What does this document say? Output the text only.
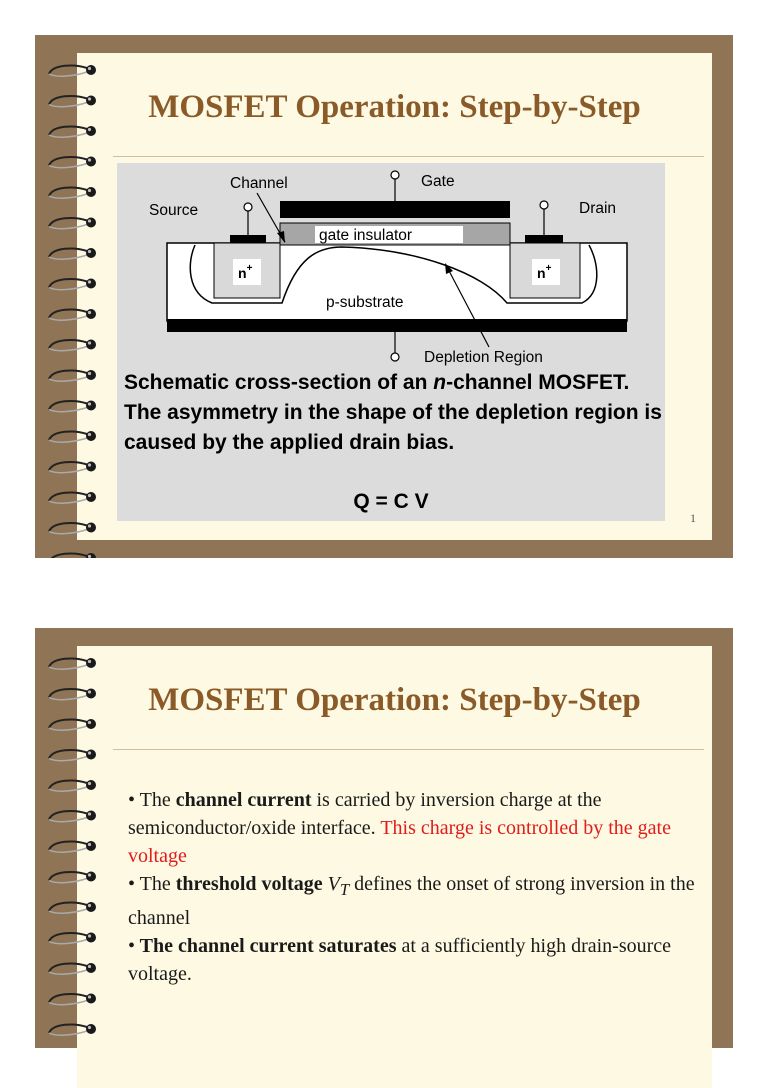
MOSFET Operation: Step-by-Step
Channel	Gate
Source	Drain
gate insulator
n+	n+
p-substrate
Depletion Region

Schematic cross-section of an n-channel MOSFET. The asymmetry in the shape of the depletion region is caused by the applied drain bias.

Q = C V
1
MOSFET Operation: Step-by-Step

• The channel current is carried by inversion charge at the semiconductor/oxide interface. This charge is controlled by the gate voltage

• The threshold voltage $V_T$ defines the onset of strong inversion in the channel

• The channel current saturates at a sufficiently high drain-source voltage.
